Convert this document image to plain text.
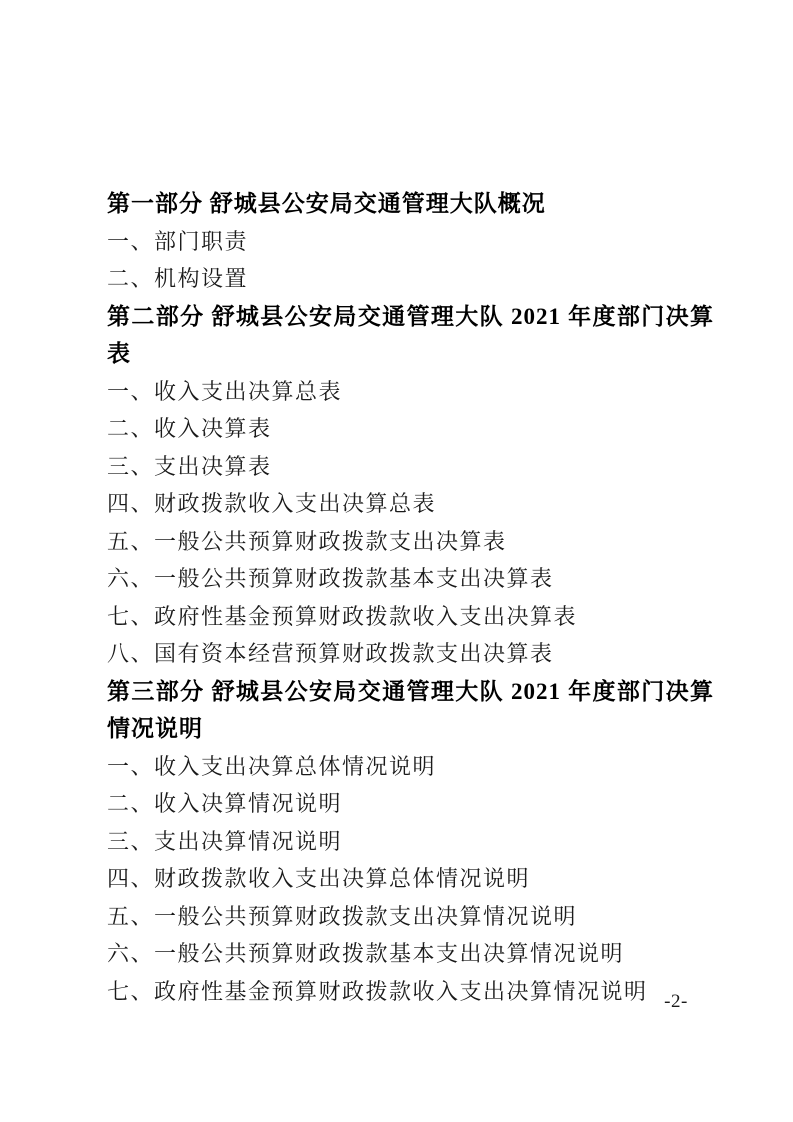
第一部分 舒城县公安局交通管理大队概况

一、部门职责

二、机构设置

第二部分 舒城县公安局交通管理大队 2021 年度部门决算表

一、收入支出决算总表

二、收入决算表

三、支出决算表

四、财政拨款收入支出决算总表

五、一般公共预算财政拨款支出决算表

六、一般公共预算财政拨款基本支出决算表

七、政府性基金预算财政拨款收入支出决算表

八、国有资本经营预算财政拨款支出决算表

第三部分 舒城县公安局交通管理大队 2021 年度部门决算情况说明

一、收入支出决算总体情况说明

二、收入决算情况说明

三、支出决算情况说明

四、财政拨款收入支出决算总体情况说明

五、一般公共预算财政拨款支出决算情况说明

六、一般公共预算财政拨款基本支出决算情况说明

七、政府性基金预算财政拨款收入支出决算情况说明 -2-
